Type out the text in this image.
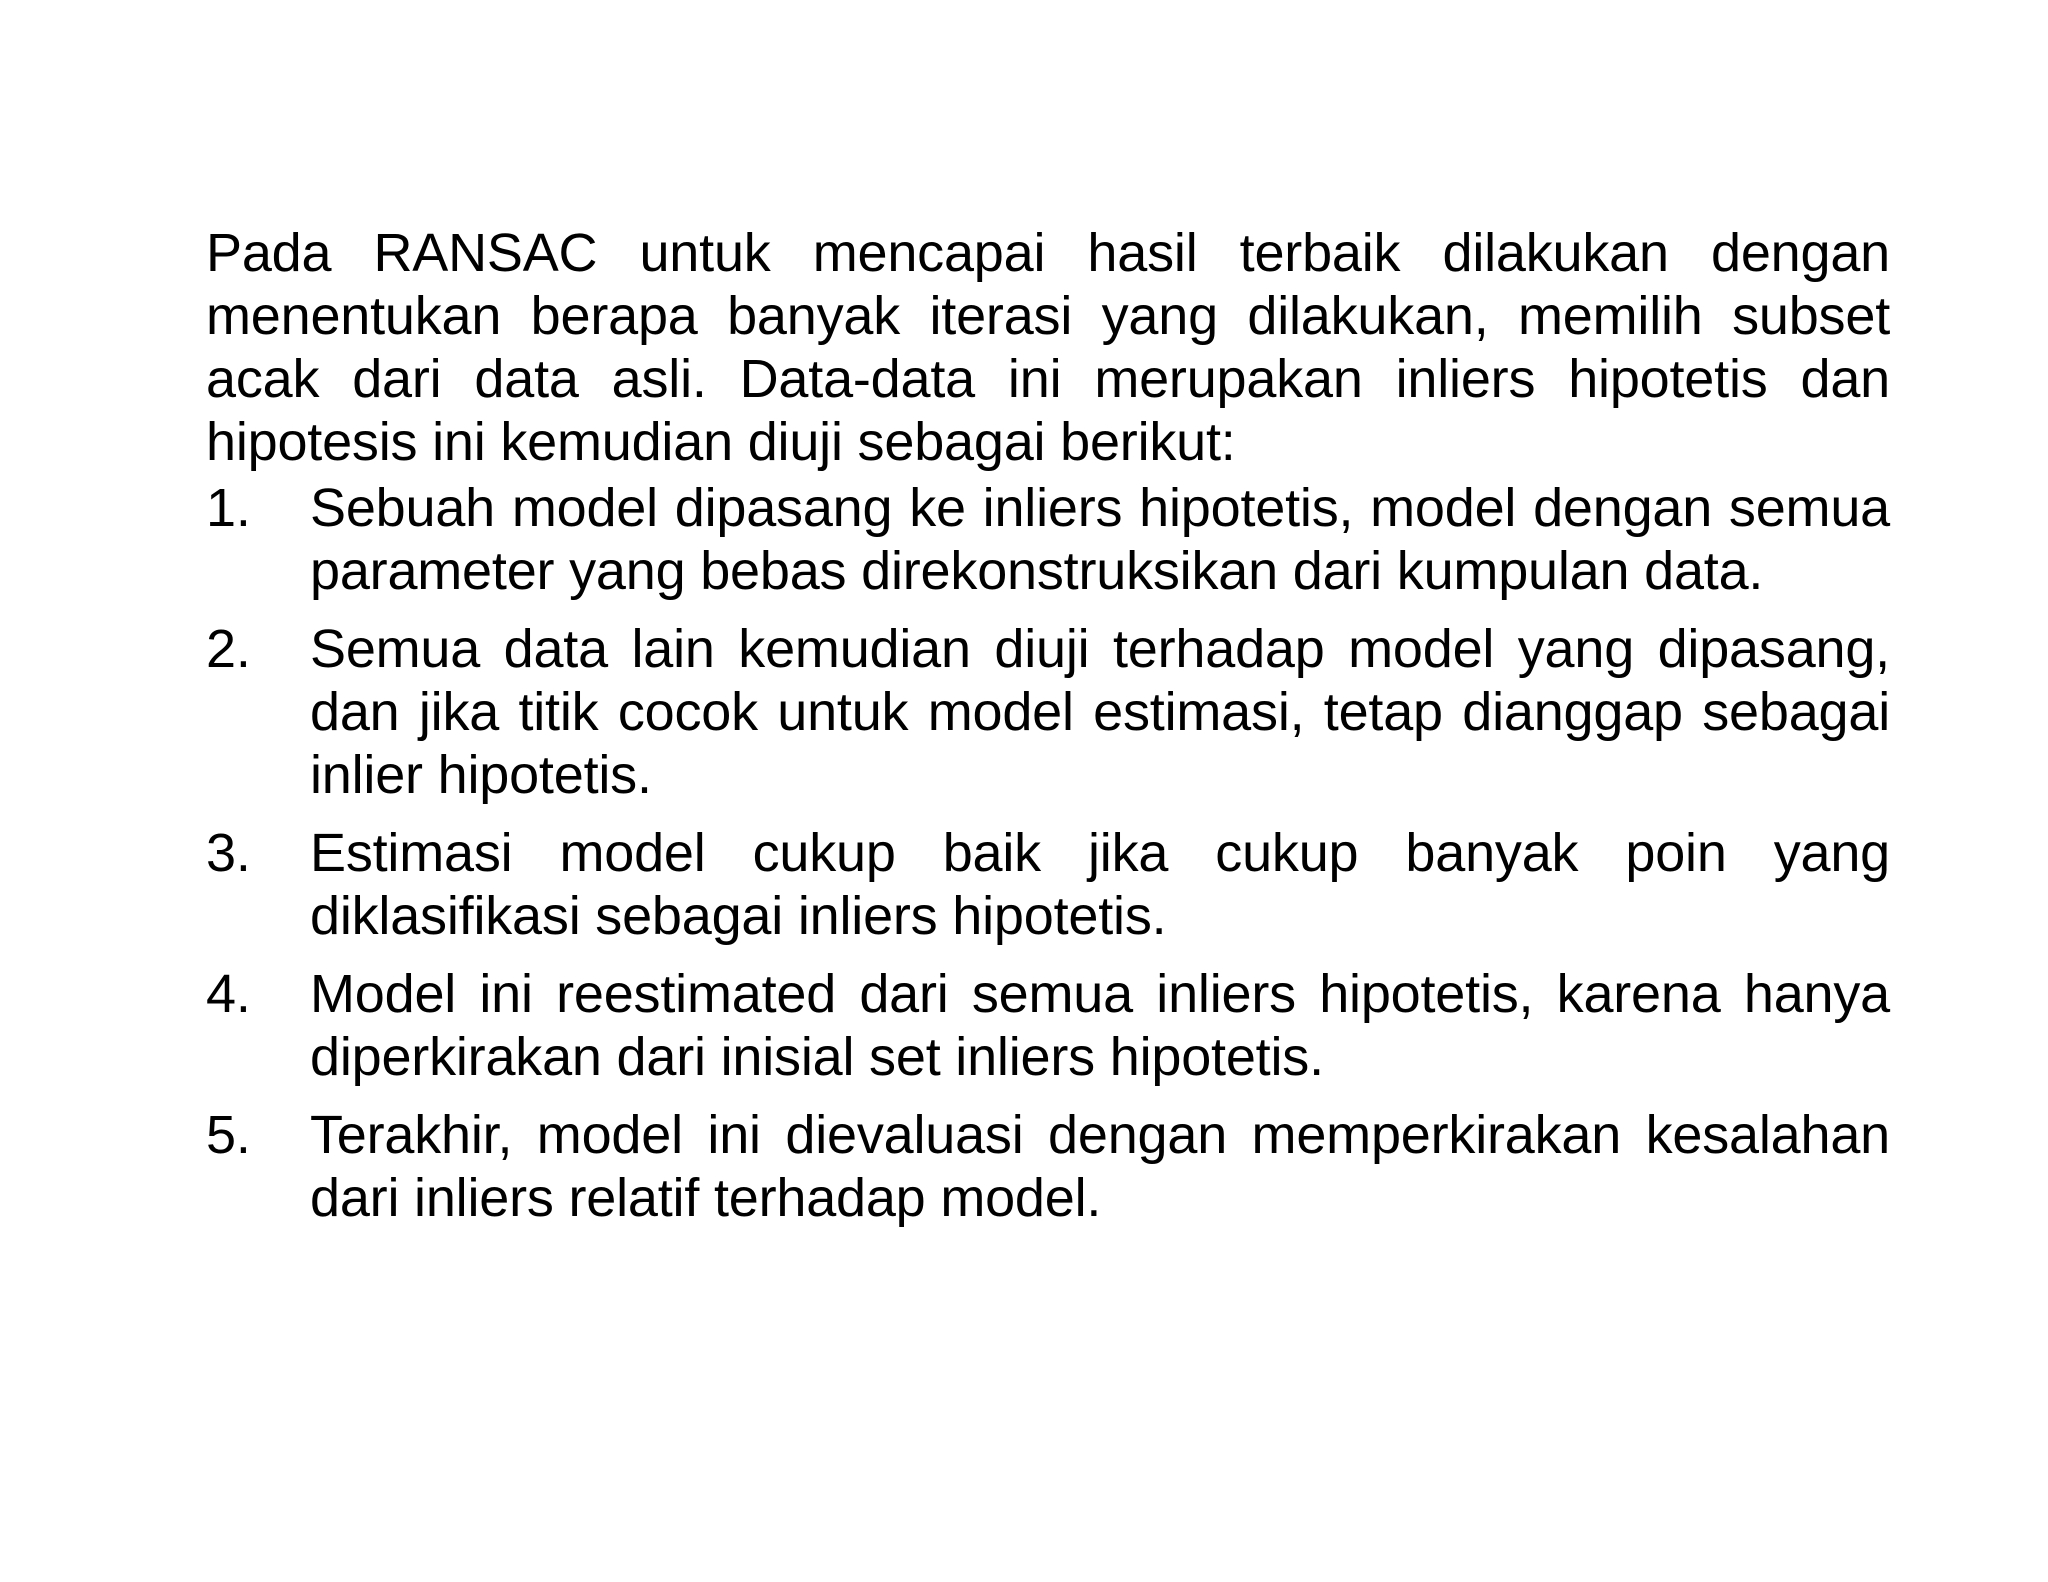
Pada RANSAC untuk mencapai hasil terbaik dilakukan dengan menentukan berapa banyak iterasi yang dilakukan, memilih subset acak dari data asli. Data-data ini merupakan inliers hipotetis dan hipotesis ini kemudian diuji sebagai berikut:

1.	Sebuah model dipasang ke inliers hipotetis, model dengan semua parameter yang bebas direkonstruksikan dari kumpulan data.
2.	Semua data lain kemudian diuji terhadap model yang dipasang, dan jika titik cocok untuk model estimasi, tetap dianggap sebagai inlier hipotetis.
3.	Estimasi model cukup baik jika cukup banyak poin yang diklasifikasi sebagai inliers hipotetis.
4.	Model ini reestimated dari semua inliers hipotetis, karena hanya diperkirakan dari inisial set inliers hipotetis.
5.	Terakhir, model ini dievaluasi dengan memperkirakan kesalahan dari inliers relatif terhadap model.
